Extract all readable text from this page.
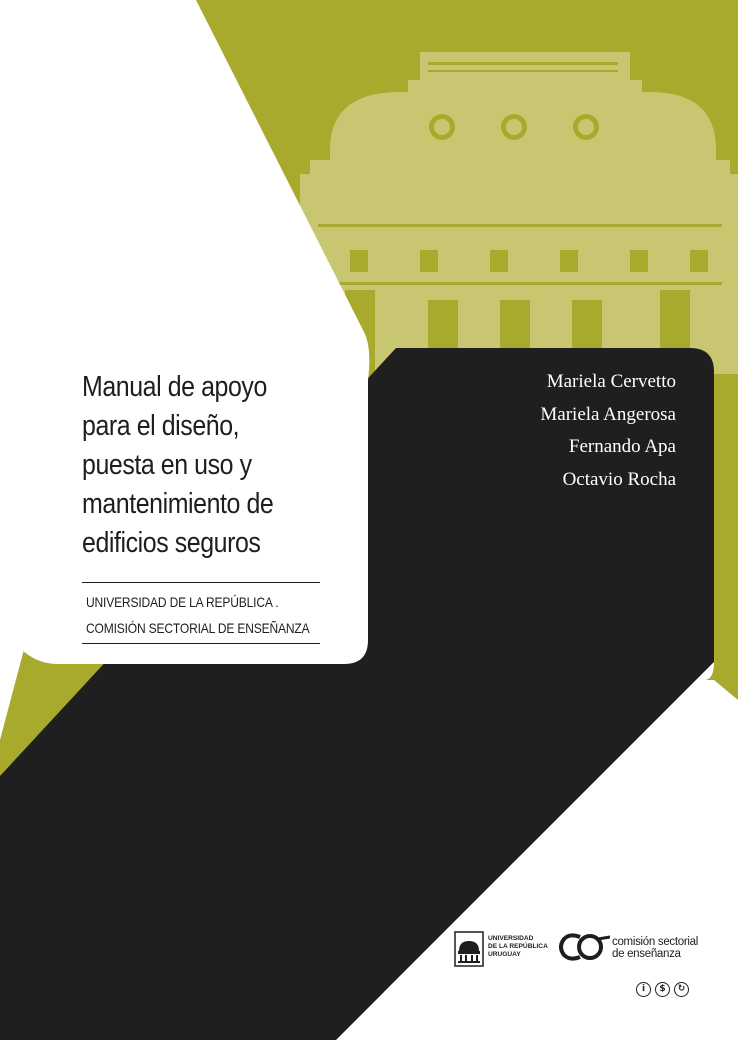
Manual de apoyo
para el diseño,
puesta en uso y
mantenimiento de
edificios seguros
UNIVERSIDAD DE LA REPÚBLICA .
COMISIÓN SECTORIAL DE ENSEÑANZA
Mariela Cervetto
Mariela Angerosa
Fernando Apa
Octavio Rocha
UNIVERSIDAD
DE LA REPÚBLICA
URUGUAY
comisión sectorial
de enseñanza
i	$	↻
